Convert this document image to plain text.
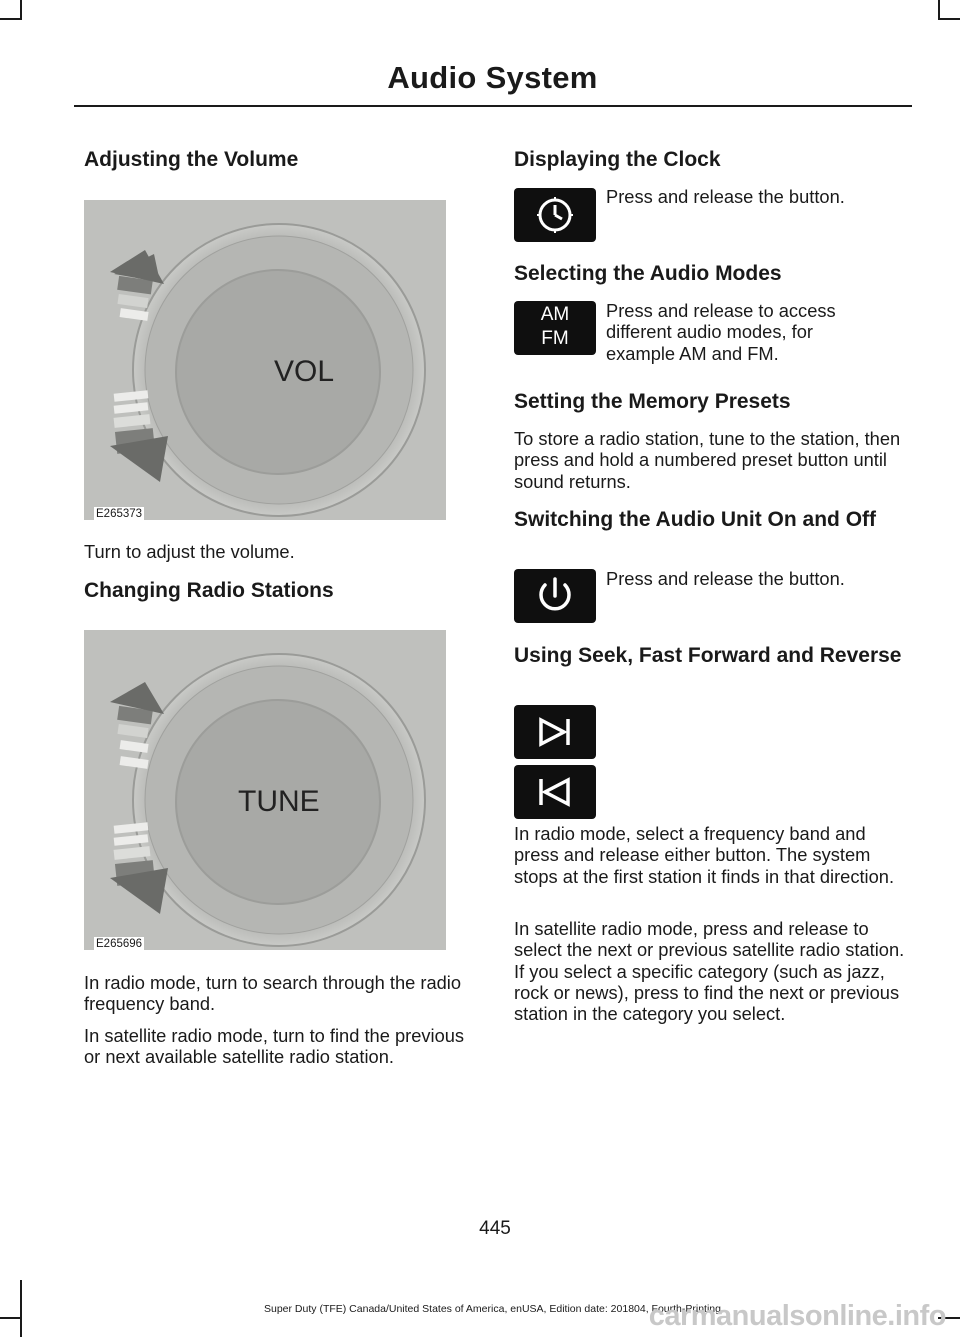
Audio System
Adjusting the Volume
VOL
E265373

Turn to adjust the volume.

Changing Radio Stations
TUNE
E265696

In radio mode, turn to search through the radio frequency band.

In satellite radio mode, turn to find the previous or next available satellite radio station.

Displaying the Clock

Press and release the button.

Selecting the Audio Modes
AM
FM

Press and release to access different audio modes, for example AM and FM.

Setting the Memory Presets

To store a radio station, tune to the station, then press and hold a numbered preset button until sound returns.

Switching the Audio Unit On and Off

Press and release the button.

Using Seek, Fast Forward and Reverse

In radio mode, select a frequency band and press and release either button. The system stops at the first station it finds in that direction.

In satellite radio mode, press and release to select the next or previous satellite radio station. If you select a specific category (such as jazz, rock or news), press to find the next or previous station in the category you select.

445
Super Duty (TFE) Canada/United States of America, enUSA, Edition date: 201804, Fourth-Printing
carmanualsonline.info
